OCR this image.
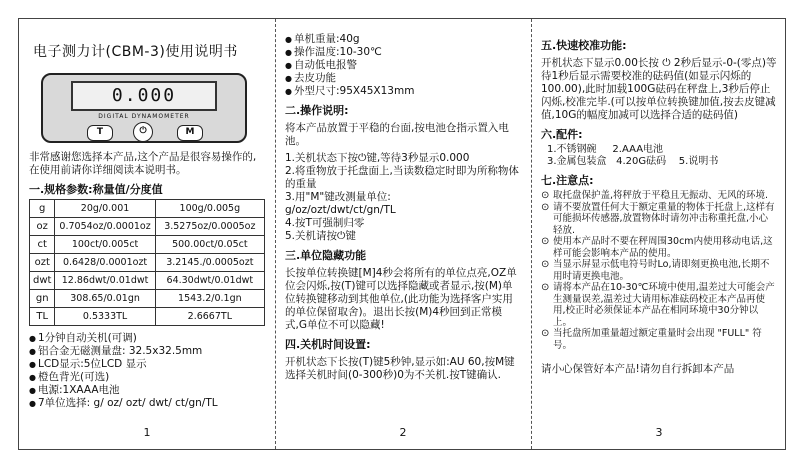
电子测力计(CBM-3)使用说明书
0.000
DIGITAL DYNAMOMETER
T	⏻	M
非常感谢您选择本产品,这个产品是很容易操作的,在使用前请你详细阅读本说明书。
一.规格参数:称量值/分度值
g	20g/0.001	100g/0.005g
oz	0.7054oz/0.0001oz	3.5275oz/0.0005oz
ct	100ct/0.005ct	500.00ct/0.05ct
ozt	0.6428/0.0001ozt	3.2145./0.0005ozt
dwt	12.86dwt/0.01dwt	64.30dwt/0.01dwt
gn	308.65/0.01gn	1543.2/0.1gn
TL	0.5333TL	2.6667TL
● 1分钟自动关机(可调)
● 铝合金无磁测量盘: 32.5x32.5mm
● LCD显示:5位LCD 显示
● 橙色背光(可选)
● 电源:1XAAA电池
● 7单位选择: g/ oz/ ozt/ dwt/ ct/gn/TL
1
● 单机重量:40g
● 操作温度:10-30℃
● 自动低电报警
● 去皮功能
● 外型尺寸:95X45X13mm
二.操作说明:
将本产品放置于平稳的台面,按电池仓指示置入电池。
1.关机状态下按⏻键,等待3秒显示0.000
2.将重物放于托盘面上,当读数稳定时即为所称物体的重量
3.用"M"键改测量单位:
g/oz/ozt/dwt/ct/gn/TL
4.按T可强制归零
5.关机请按⏻键
三.单位隐藏功能
长按单位转换键[M]4秒会将所有的单位点亮,OZ单位会闪烁,按(T)键可以选择隐藏或者显示,按(M)单位转换键移动到其他单位,(此功能为选择客户实用的单位保留取舍)。退出长按(M)4秒回到正常模式,G单位不可以隐藏!
四.关机时间设置:
开机状态下长按(T)键5秒钟,显示如:AU 60,按M键选择关机时间(0-300秒)0为不关机.按T键确认.
2
五.快速校准功能:
开机状态下显示0.00长按 ⏻ 2秒后显示-0-(零点)等待1秒后显示需要校准的砝码值(如显示闪烁的100.00),此时加载100G砝码在秤盘上,3秒后停止闪烁,校准完毕.(可以按单位转换键加值,按去皮键减值,10G的幅度加减可以选择合适的砝码值)
六.配件:
1.不锈钢碗     2.AAA电池
3.金属包装盒   4.20G砝码    5.说明书
七.注意点:
⊙ 取托盘保护盖,将秤放于平稳且无振动、无风的环境.
⊙ 请不要放置任何大于额定重量的物体于托盘上,这样有可能损坏传感器,放置物体时请勿冲击称重托盘,小心轻放.
⊙ 使用本产品时不要在秤周围30cm内使用移动电话,这样可能会影响本产品的使用。
⊙ 当显示屏显示低电符号时Lo,请即刻更换电池,长期不用时请更换电池。
⊙ 请将本产品在10-30℃环境中使用,温差过大可能会产生测量误差,温差过大请用标准砝码校正本产品再使用,校正时必须保证本产品在相同环境中30分钟以上。
⊙ 当托盘所加重量超过额定重量时会出现 "FULL" 符号。
请小心保管好本产品!请勿自行拆卸本产品
3
